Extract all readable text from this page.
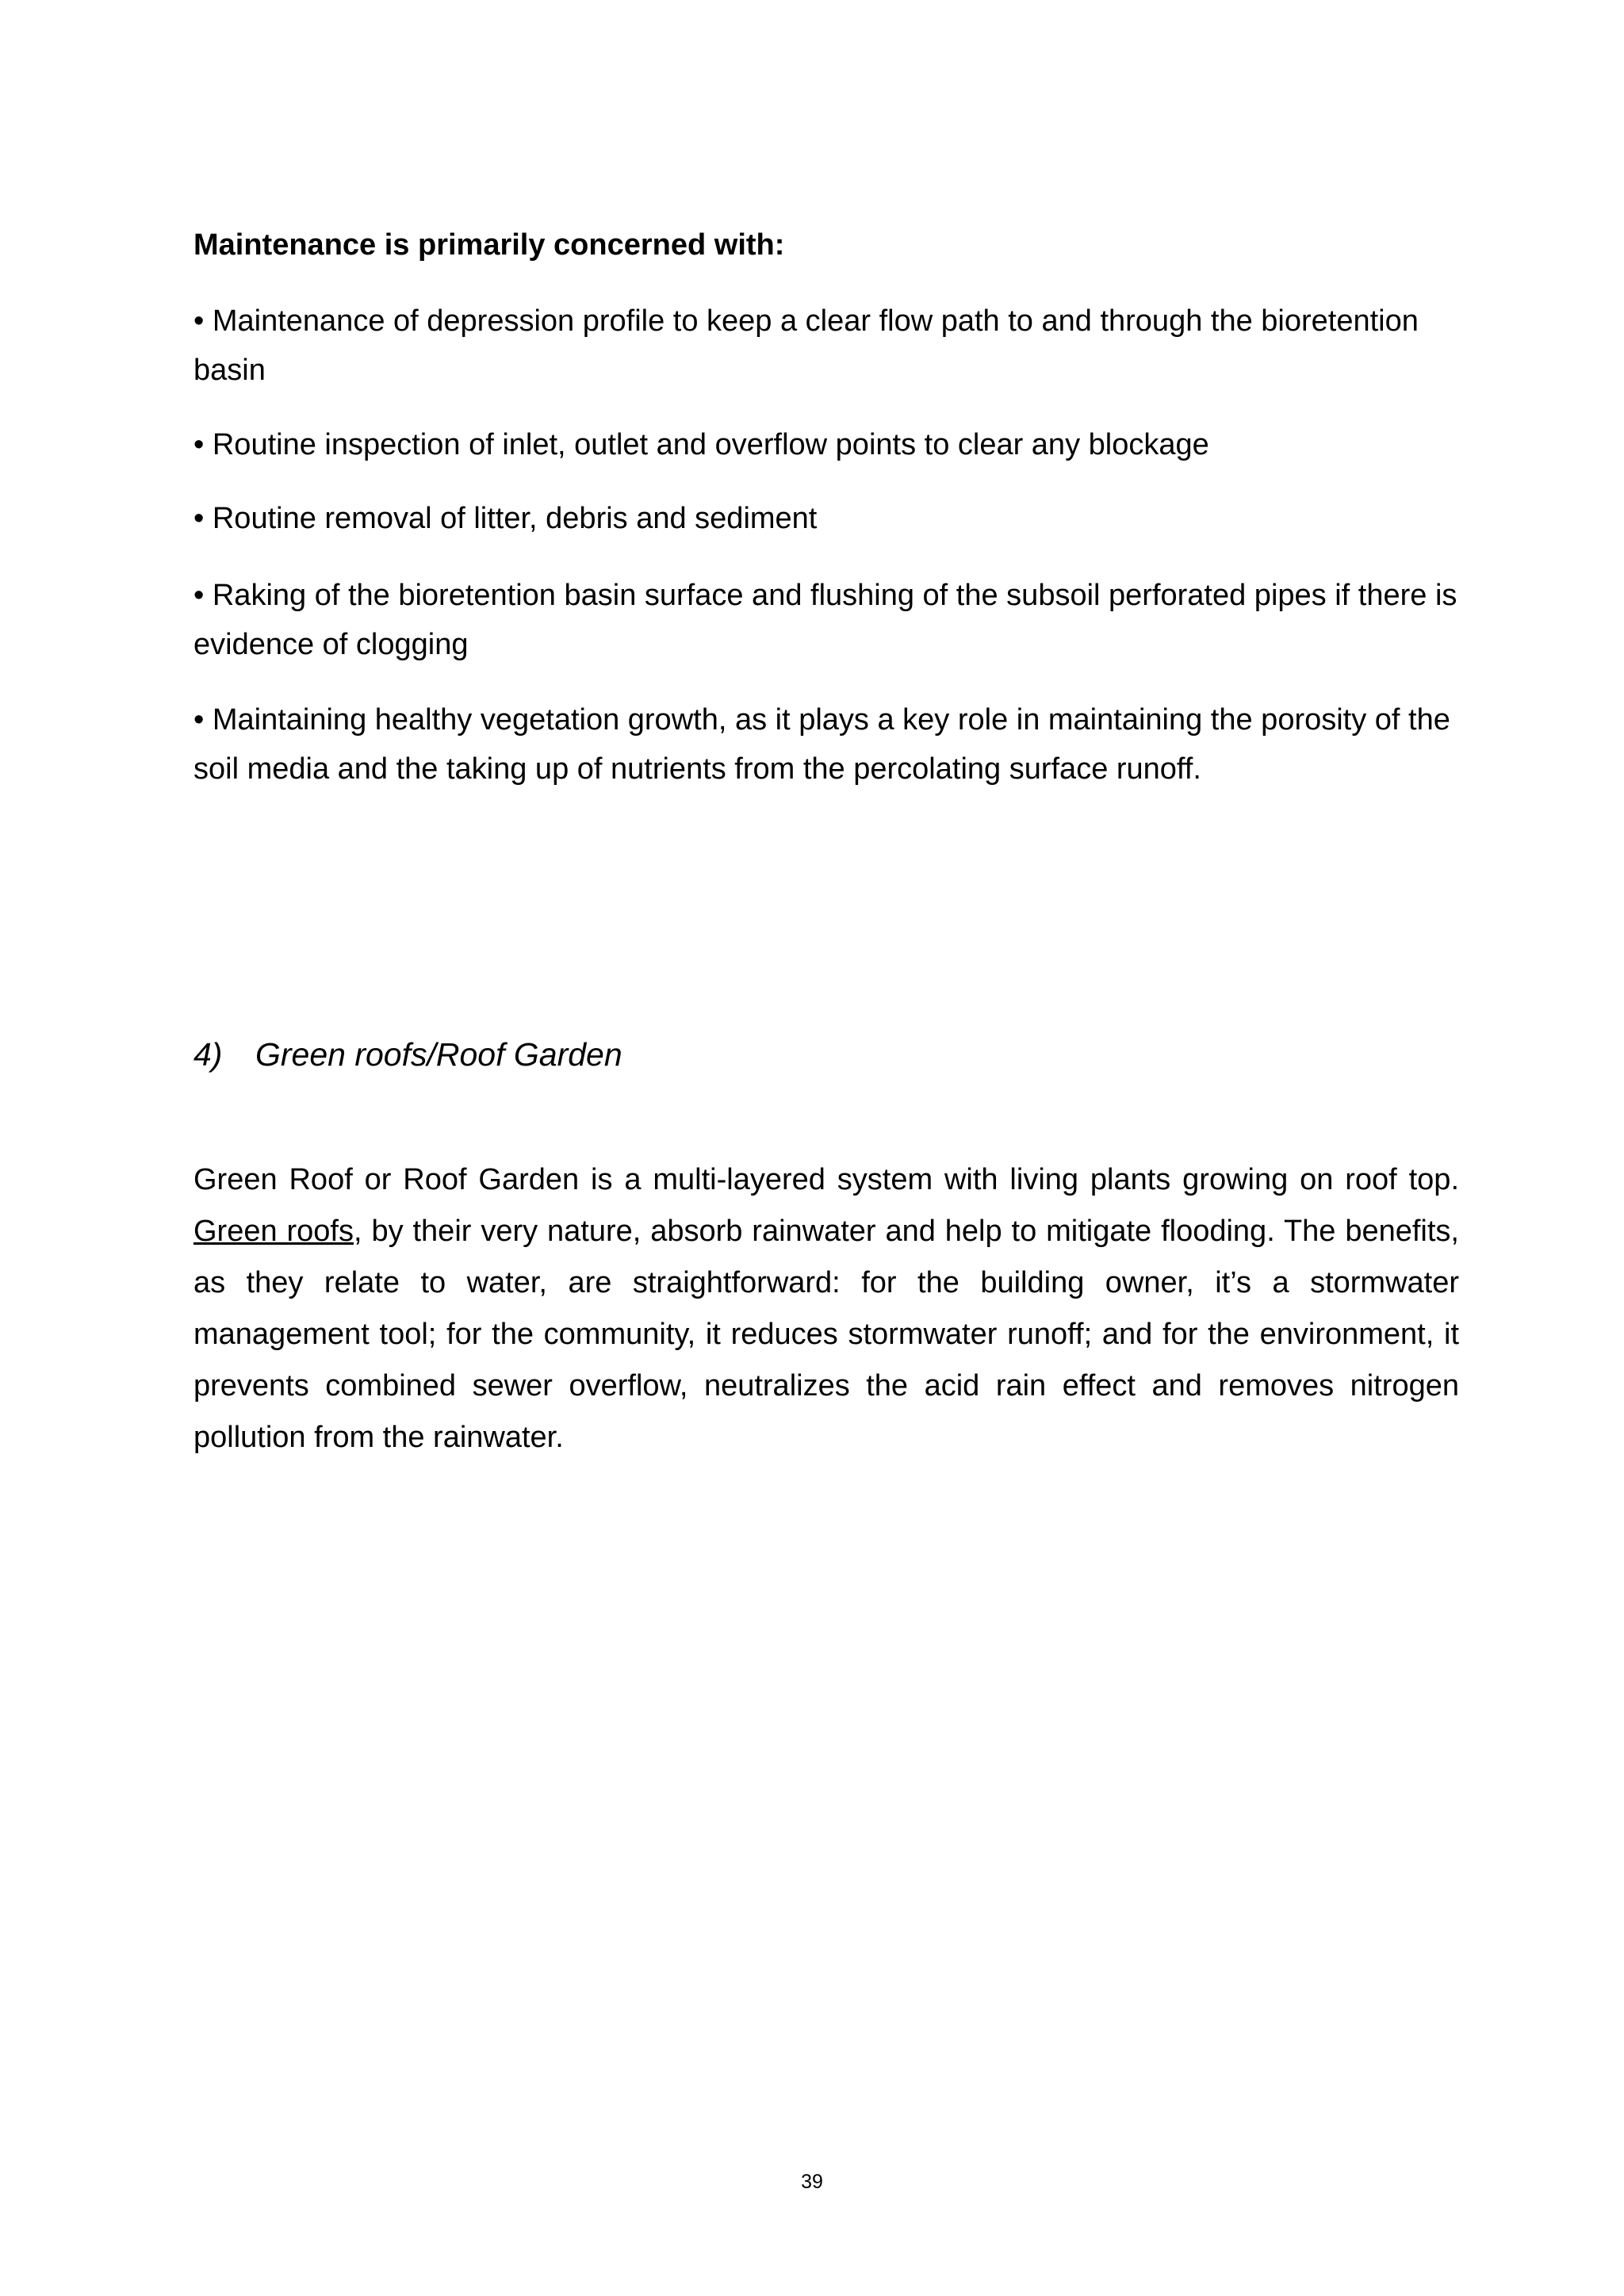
Maintenance is primarily concerned with:
• Maintenance of depression profile to keep a clear flow path to and through the bioretention basin
• Routine inspection of inlet, outlet and overflow points to clear any blockage
• Routine removal of litter, debris and sediment
• Raking of the bioretention basin surface and flushing of the subsoil perforated pipes if there is evidence of clogging
• Maintaining healthy vegetation growth, as it plays a key role in maintaining the porosity of the soil media and the taking up of nutrients from the percolating surface runoff.
4) Green roofs/Roof Garden
Green Roof or Roof Garden is a multi-layered system with living plants growing on roof top. Green roofs, by their very nature, absorb rainwater and help to mitigate flooding. The benefits, as they relate to water, are straightforward: for the building owner, it’s a stormwater management tool; for the community, it reduces stormwater runoff; and for the environment, it prevents combined sewer overflow, neutralizes the acid rain effect and removes nitrogen pollution from the rainwater.
39
